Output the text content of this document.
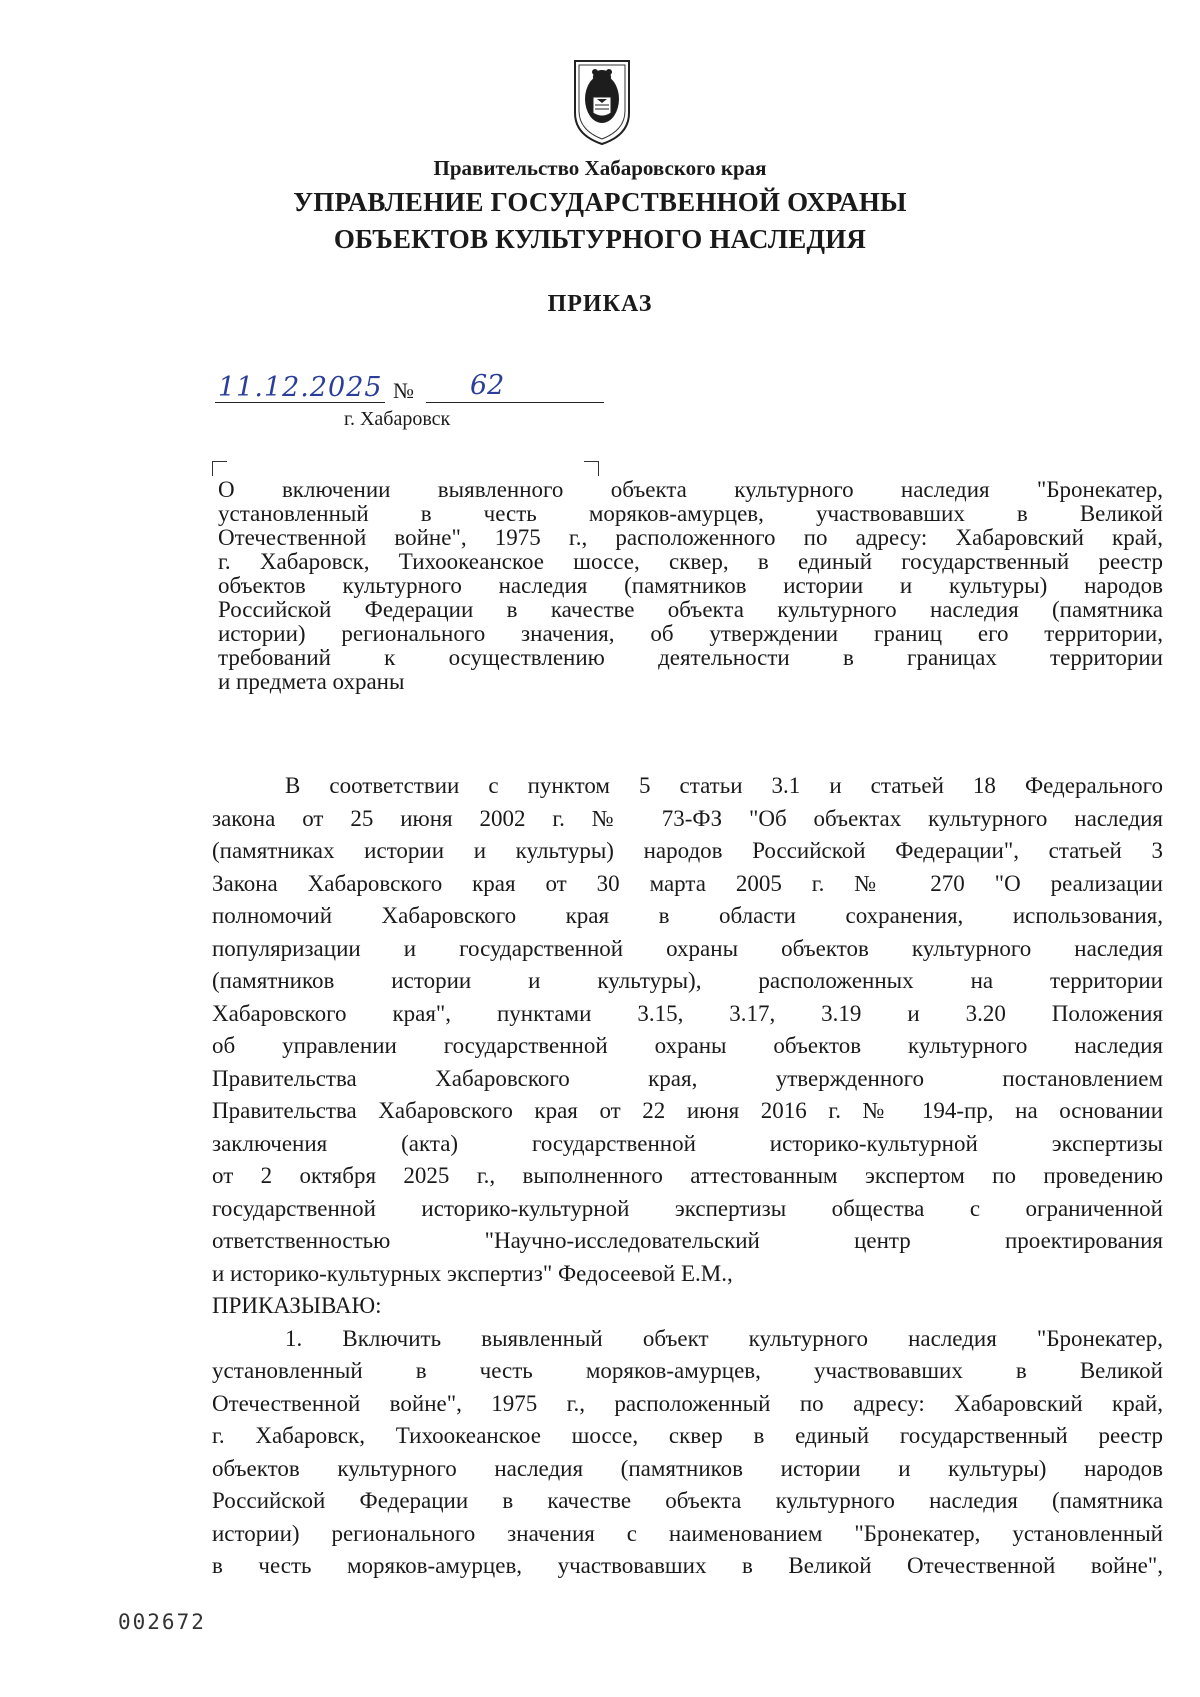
Правительство Хабаровского края
УПРАВЛЕНИЕ ГОСУДАРСТВЕННОЙ ОХРАНЫ
ОБЪЕКТОВ КУЛЬТУРНОГО НАСЛЕДИЯ
ПРИКАЗ
11.12.2025 № 62
г. Хабаровск
О включении выявленного объекта культурного наследия "Бронекатер,
установленный в честь моряков-амурцев, участвовавших в Великой
Отечественной войне", 1975 г., расположенного по адресу: Хабаровский край,
г. Хабаровск, Тихоокеанское шоссе, сквер, в единый государственный реестр
объектов культурного наследия (памятников истории и культуры) народов
Российской Федерации в качестве объекта культурного наследия (памятника
истории) регионального значения, об утверждении границ его территории,
требований к осуществлению деятельности в границах территории
и предмета охраны
В соответствии с пунктом 5 статьи 3.1 и статьей 18 Федерального
закона от 25 июня 2002 г. № 73-ФЗ "Об объектах культурного наследия
(памятниках истории и культуры) народов Российской Федерации", статьей 3
Закона Хабаровского края от 30 марта 2005 г. № 270 "О реализации
полномочий Хабаровского края в области сохранения, использования,
популяризации и государственной охраны объектов культурного наследия
(памятников истории и культуры), расположенных на территории
Хабаровского края", пунктами 3.15, 3.17, 3.19 и 3.20 Положения
об управлении государственной охраны объектов культурного наследия
Правительства Хабаровского края, утвержденного постановлением
Правительства Хабаровского края от 22 июня 2016 г. № 194-пр, на основании
заключения (акта) государственной историко-культурной экспертизы
от 2 октября 2025 г., выполненного аттестованным экспертом по проведению
государственной историко-культурной экспертизы общества с ограниченной
ответственностью "Научно-исследовательский центр проектирования
и историко-культурных экспертиз" Федосеевой Е.М.,
ПРИКАЗЫВАЮ:
1. Включить выявленный объект культурного наследия "Бронекатер,
установленный в честь моряков-амурцев, участвовавших в Великой
Отечественной войне", 1975 г., расположенный по адресу: Хабаровский край,
г. Хабаровск, Тихоокеанское шоссе, сквер в единый государственный реестр
объектов культурного наследия (памятников истории и культуры) народов
Российской Федерации в качестве объекта культурного наследия (памятника
истории) регионального значения с наименованием "Бронекатер, установленный
в честь моряков-амурцев, участвовавших в Великой Отечественной войне",
002672
